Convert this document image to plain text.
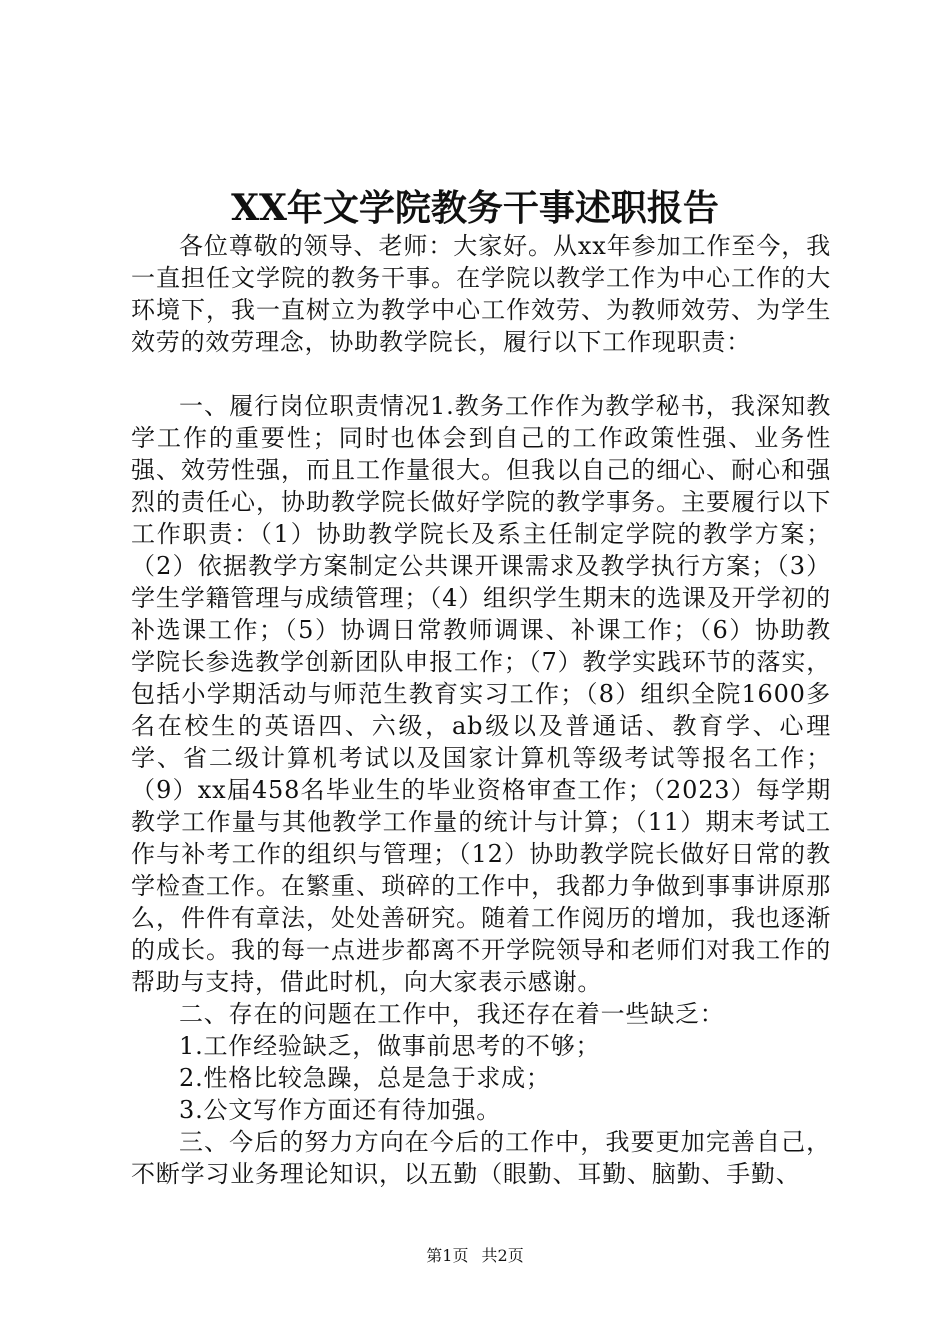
XX年文学院教务干事述职报告

各位尊敬的领导、老师：大家好。从xx年参加工作至今，我一直担任文学院的教务干事。在学院以教学工作为中心工作的大环境下，我一直树立为教学中心工作效劳、为教师效劳、为学生效劳的效劳理念，协助教学院长，履行以下工作现职责：

一、履行岗位职责情况1.教务工作作为教学秘书，我深知教学工作的重要性；同时也体会到自己的工作政策性强、业务性强、效劳性强，而且工作量很大。但我以自己的细心、耐心和强烈的责任心，协助教学院长做好学院的教学事务。主要履行以下工作职责：（1）协助教学院长及系主任制定学院的教学方案；（2）依据教学方案制定公共课开课需求及教学执行方案；（3）学生学籍管理与成绩管理；（4）组织学生期末的选课及开学初的补选课工作；（5）协调日常教师调课、补课工作；（6）协助教学院长参选教学创新团队申报工作；（7）教学实践环节的落实，包括小学期活动与师范生教育实习工作；（8）组织全院1600多名在校生的英语四、六级，ab级以及普通话、教育学、心理学、省二级计算机考试以及国家计算机等级考试等报名工作；（9）xx届458名毕业生的毕业资格审查工作；（2023）每学期教学工作量与其他教学工作量的统计与计算；（11）期末考试工作与补考工作的组织与管理；（12）协助教学院长做好日常的教学检查工作。在繁重、琐碎的工作中，我都力争做到事事讲原那么，件件有章法，处处善研究。随着工作阅历的增加，我也逐渐的成长。我的每一点进步都离不开学院领导和老师们对我工作的帮助与支持，借此时机，向大家表示感谢。

二、存在的问题在工作中，我还存在着一些缺乏：

1.工作经验缺乏，做事前思考的不够；

2.性格比较急躁，总是急于求成；

3.公文写作方面还有待加强。

三、今后的努力方向在今后的工作中，我要更加完善自己，不断学习业务理论知识，以五勤（眼勤、耳勤、脑勤、手勤、

第1页 共2页
